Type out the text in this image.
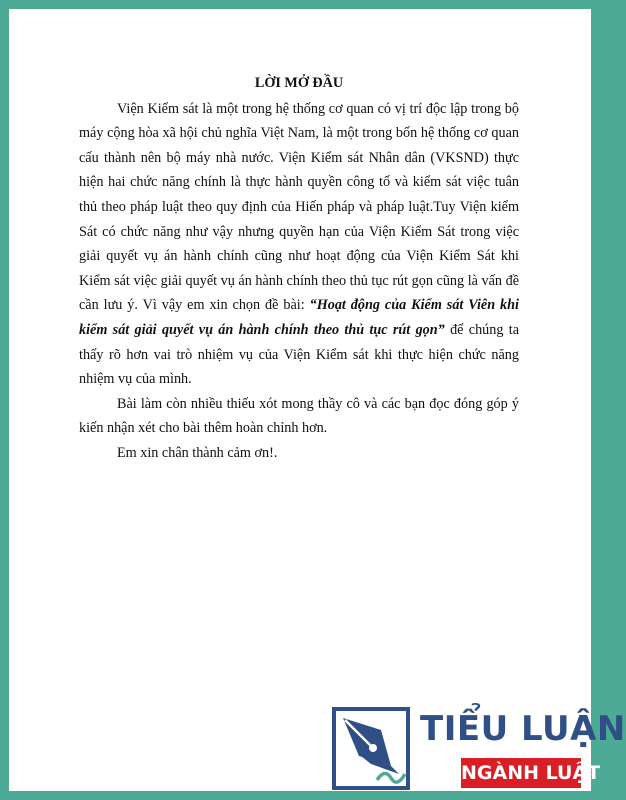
LỜI MỞ ĐẦU

Viện Kiểm sát là một trong hệ thống cơ quan có vị trí độc lập trong bộ máy cộng hòa xã hội chủ nghĩa Việt Nam, là một trong bốn hệ thống cơ quan cấu thành nên bộ máy nhà nước. Viện Kiểm sát Nhân dân (VKSND) thực hiện hai chức năng chính là thực hành quyền công tố và kiểm sát việc tuân thủ theo pháp luật theo quy định của Hiến pháp và pháp luật.Tuy Viện kiểm Sát có chức năng như vậy nhưng quyền hạn của Viện Kiểm Sát trong việc giải quyết vụ án hành chính cũng như hoạt động của Viện Kiểm Sát khi Kiểm sát việc giải quyết vụ án hành chính theo thủ tục rút gọn cũng là vấn đề cần lưu ý. Vì vậy em xin chọn đề bài: “Hoạt động của Kiểm sát Viên khi kiểm sát giải quyết vụ án hành chính theo thủ tục rút gọn” để chúng ta thấy rõ hơn vai trò nhiệm vụ của Viện Kiểm sát khi thực hiện chức năng nhiệm vụ của mình.

Bài làm còn nhiều thiếu xót mong thầy cô và các bạn đọc đóng góp ý kiến nhận xét cho bài thêm hoàn chỉnh hơn.

Em xin chân thành cảm ơn!.

TIỂU LUẬN
NGÀNH LUẬT
